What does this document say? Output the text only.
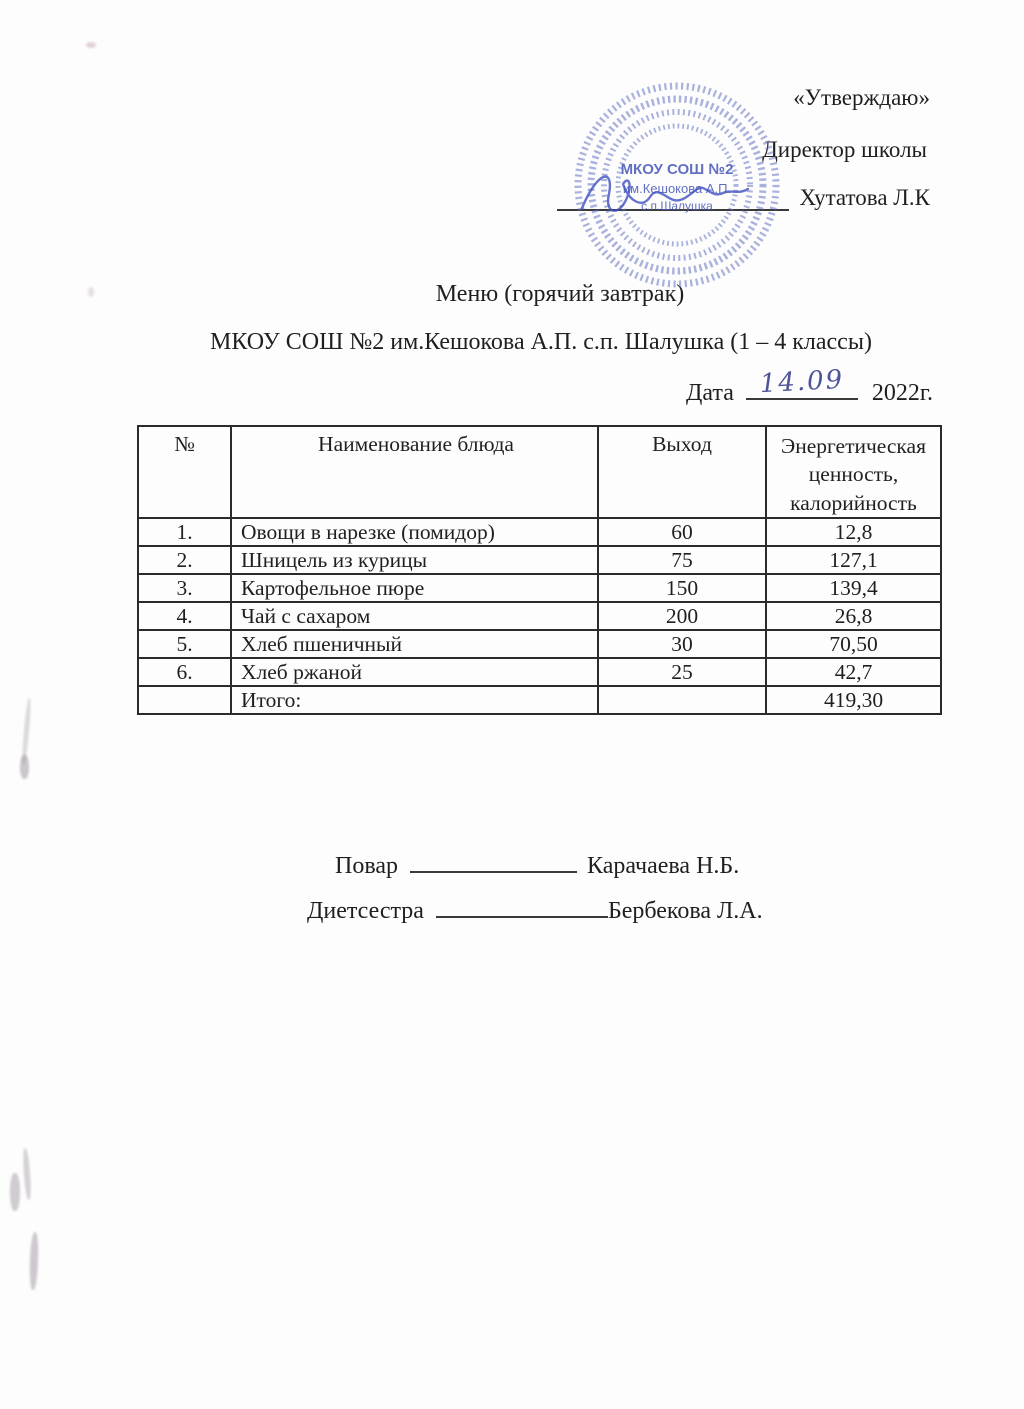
«Утверждаю»
Директор школы
Хутатова Л.К
МКОУ СОШ №2
им.Кешокова А.П.
с.п.Шалушка
Меню (горячий завтрак)
МКОУ СОШ №2 им.Кешокова А.П. с.п. Шалушка (1 – 4 классы)
Дата 14.09	2022г.
№	Наименование блюда	Выход	Энергетическая ценность, калорийность
1.	Овощи в нарезке (помидор)	60	12,8
2.	Шницель из курицы	75	127,1
3.	Картофельное пюре	150	139,4
4.	Чай с сахаром	200	26,8
5.	Хлеб пшеничный	30	70,50
6.	Хлеб ржаной	25	42,7
	Итого:		419,30
Повар	Карачаева Н.Б.
Диетсестра	Бербекова Л.А.
